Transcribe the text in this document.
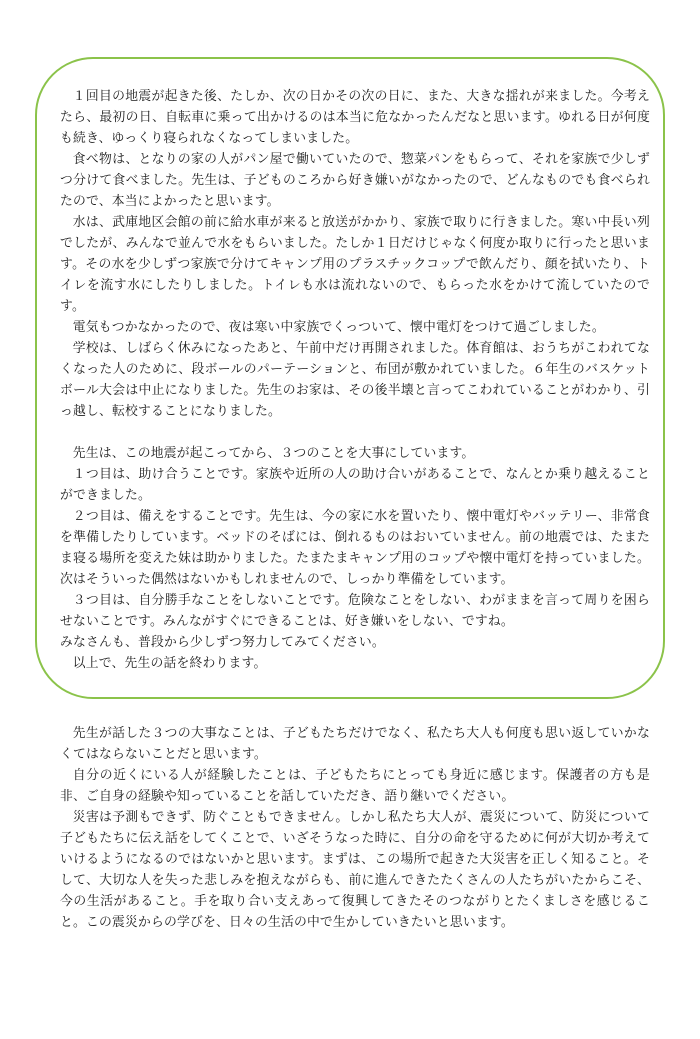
１回目の地震が起きた後、たしか、次の日かその次の日に、また、大きな揺れが来ました。今考えたら、最初の日、自転車に乗って出かけるのは本当に危なかったんだなと思います。ゆれる日が何度も続き、ゆっくり寝られなくなってしまいました。

食べ物は、となりの家の人がパン屋で働いていたので、惣菜パンをもらって、それを家族で少しずつ分けて食べました。先生は、子どものころから好き嫌いがなかったので、どんなものでも食べられたので、本当によかったと思います。

水は、武庫地区会館の前に給水車が来ると放送がかかり、家族で取りに行きました。寒い中長い列でしたが、みんなで並んで水をもらいました。たしか１日だけじゃなく何度か取りに行ったと思います。その水を少しずつ家族で分けてキャンプ用のプラスチックコップで飲んだり、顔を拭いたり、トイレを流す水にしたりしました。トイレも水は流れないので、もらった水をかけて流していたのです。

電気もつかなかったので、夜は寒い中家族でくっついて、懐中電灯をつけて過ごしました。

学校は、しばらく休みになったあと、午前中だけ再開されました。体育館は、おうちがこわれてなくなった人のために、段ボールのパーテーションと、布団が敷かれていました。６年生のバスケットボール大会は中止になりました。先生のお家は、その後半壊と言ってこわれていることがわかり、引っ越し、転校することになりました。

先生は、この地震が起こってから、３つのことを大事にしています。

１つ目は、助け合うことです。家族や近所の人の助け合いがあることで、なんとか乗り越えることができました。

２つ目は、備えをすることです。先生は、今の家に水を置いたり、懐中電灯やバッテリー、非常食を準備したりしています。ベッドのそばには、倒れるものはおいていません。前の地震では、たまたま寝る場所を変えた妹は助かりました。たまたまキャンプ用のコップや懐中電灯を持っていました。次はそういった偶然はないかもしれませんので、しっかり準備をしています。

３つ目は、自分勝手なことをしないことです。危険なことをしない、わがままを言って周りを困らせないことです。みんながすぐにできることは、好き嫌いをしない、ですね。

みなさんも、普段から少しずつ努力してみてください。

以上で、先生の話を終わります。

先生が話した３つの大事なことは、子どもたちだけでなく、私たち大人も何度も思い返していかなくてはならないことだと思います。

自分の近くにいる人が経験したことは、子どもたちにとっても身近に感じます。保護者の方も是非、ご自身の経験や知っていることを話していただき、語り継いでください。

災害は予測もできず、防ぐこともできません。しかし私たち大人が、震災について、防災について子どもたちに伝え話をしてくことで、いざそうなった時に、自分の命を守るために何が大切か考えていけるようになるのではないかと思います。まずは、この場所で起きた大災害を正しく知ること。そして、大切な人を失った悲しみを抱えながらも、前に進んできたたくさんの人たちがいたからこそ、今の生活があること。手を取り合い支えあって復興してきたそのつながりとたくましさを感じること。この震災からの学びを、日々の生活の中で生かしていきたいと思います。
